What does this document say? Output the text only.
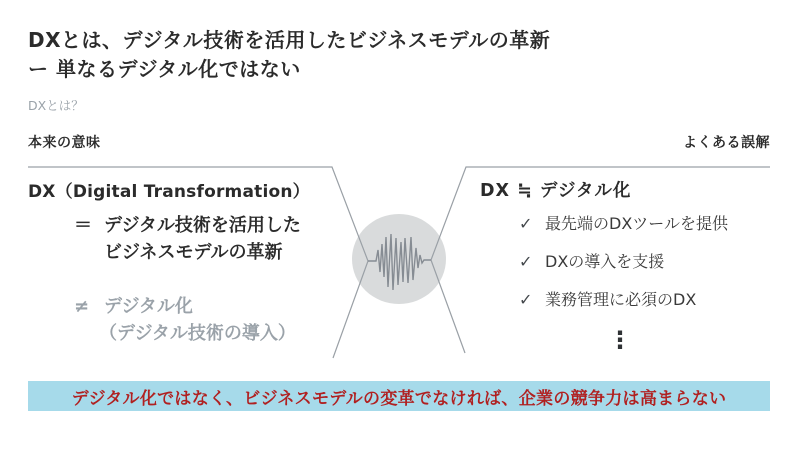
DXとは、デジタル技術を活用したビジネスモデルの革新
ー 単なるデジタル化ではない
DXとは？
本来の意味	よくある誤解
DX（Digital Transformation）
＝ デジタル技術を活用した
ビジネスモデルの革新
≠ デジタル化
（デジタル技術の導入）
DX ≒ デジタル化
✓ 最先端のDXツールを提供
✓ DXの導入を支援
✓ 業務管理に必須のDX
⋮
デジタル化ではなく、ビジネスモデルの変革でなければ、企業の競争力は高まらない
